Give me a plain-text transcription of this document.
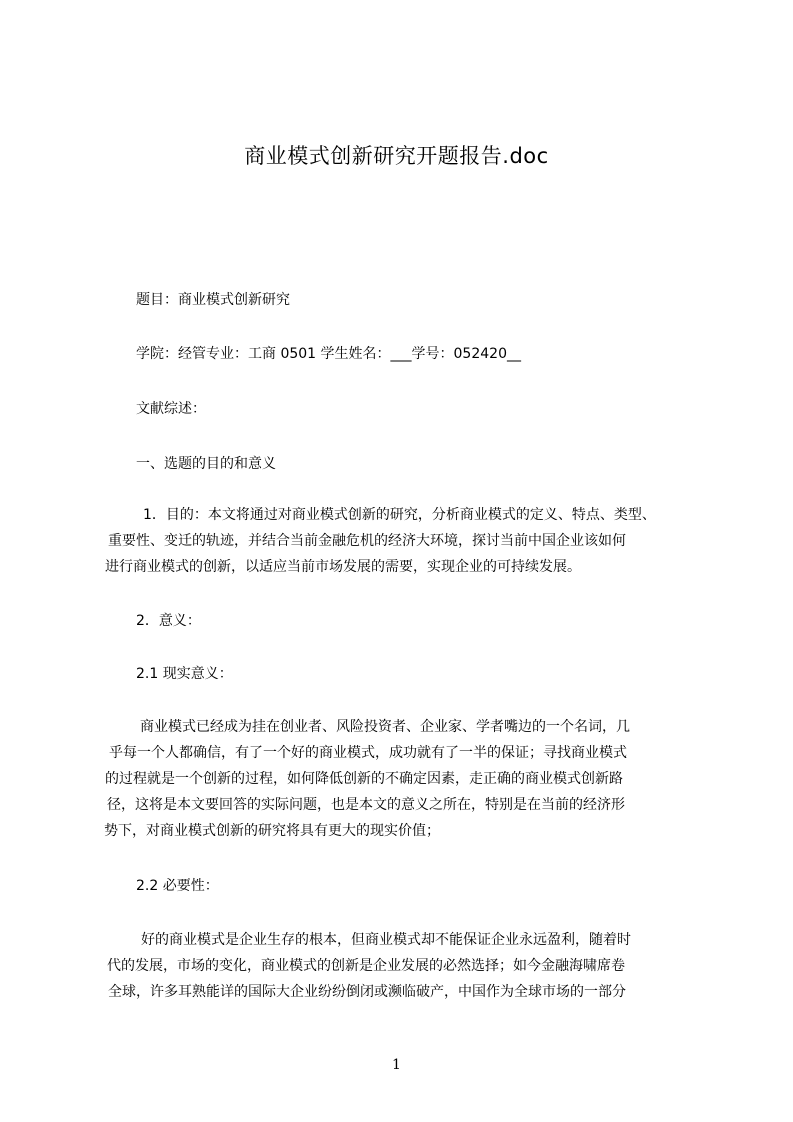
商业模式创新研究开题报告.doc
题目：商业模式创新研究
学院：经管专业：工商 0501 学生姓名：___学号：052420__
文献综述：
一、选题的目的和意义
1．目的：本文将通过对商业模式创新的研究，分析商业模式的定义、特点、类型、
重要性、变迁的轨迹，并结合当前金融危机的经济大环境，探讨当前中国企业该如何
进行商业模式的创新，以适应当前市场发展的需要，实现企业的可持续发展。
2．意义：
2.1 现实意义：
商业模式已经成为挂在创业者、风险投资者、企业家、学者嘴边的一个名词，几
乎每一个人都确信，有了一个好的商业模式，成功就有了一半的保证；寻找商业模式
的过程就是一个创新的过程，如何降低创新的不确定因素，走正确的商业模式创新路
径，这将是本文要回答的实际问题，也是本文的意义之所在，特别是在当前的经济形
势下，对商业模式创新的研究将具有更大的现实价值；
2.2 必要性：
好的商业模式是企业生存的根本，但商业模式却不能保证企业永远盈利，随着时
代的发展，市场的变化，商业模式的创新是企业发展的必然选择；如今金融海啸席卷
全球，许多耳熟能详的国际大企业纷纷倒闭或濒临破产，中国作为全球市场的一部分
1
